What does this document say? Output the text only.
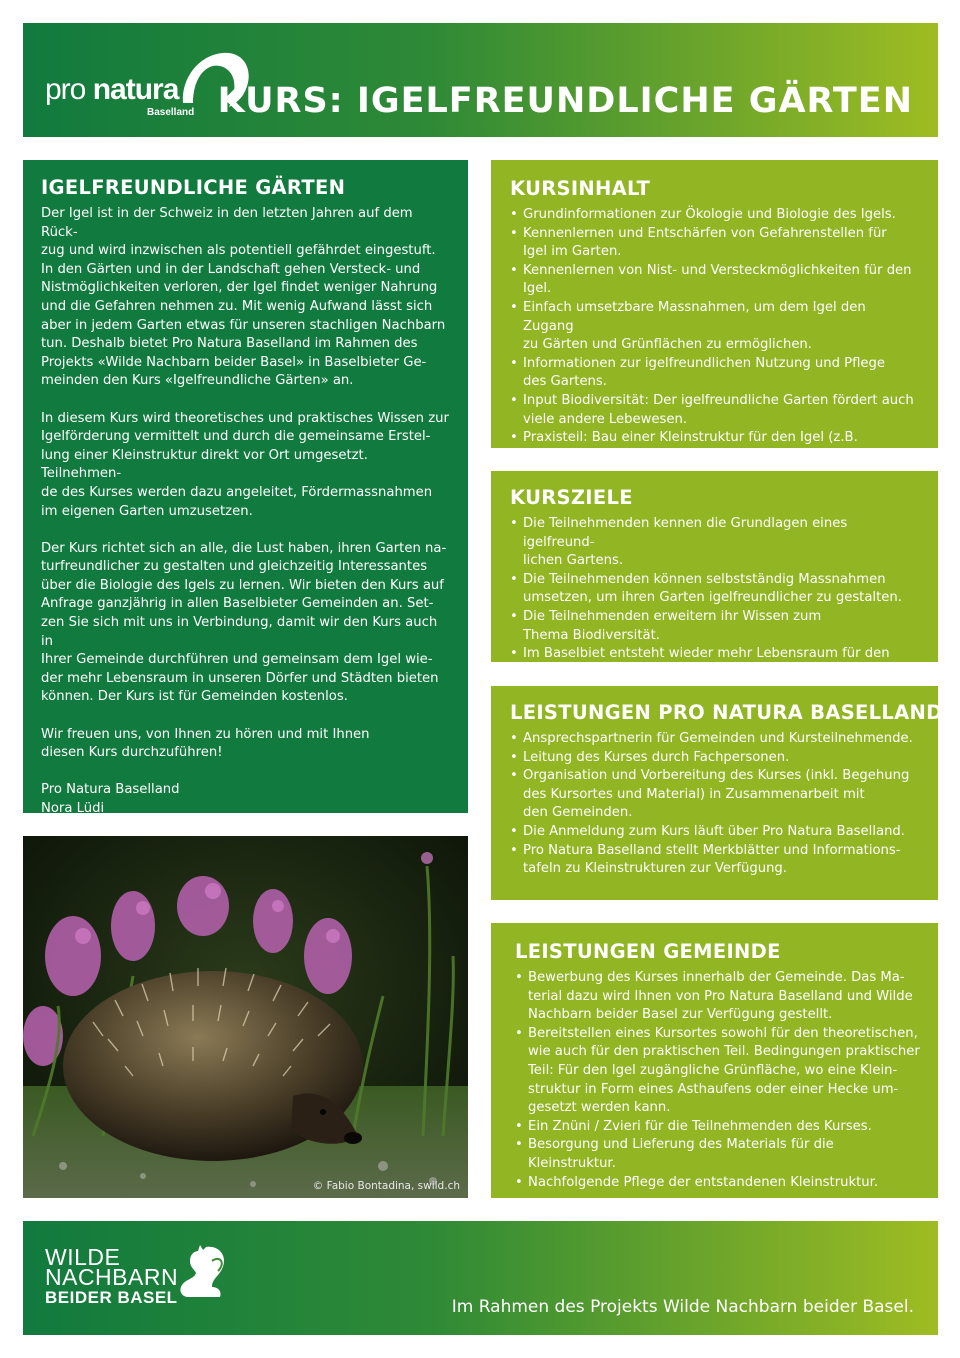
pro natura
Baselland KURS: IGELFREUNDLICHE GÄRTEN
IGELFREUNDLICHE GÄRTEN

Der Igel ist in der Schweiz in den letzten Jahren auf dem Rück-
zug und wird inzwischen als potentiell gefährdet eingestuft.
In den Gärten und in der Landschaft gehen Versteck- und
Nistmöglichkeiten verloren, der Igel findet weniger Nahrung
und die Gefahren nehmen zu. Mit wenig Aufwand lässt sich
aber in jedem Garten etwas für unseren stachligen Nachbarn
tun. Deshalb bietet Pro Natura Baselland im Rahmen des
Projekts «Wilde Nachbarn beider Basel» in Baselbieter Ge-
meinden den Kurs «Igelfreundliche Gärten» an.

In diesem Kurs wird theoretisches und praktisches Wissen zur
Igelförderung vermittelt und durch die gemeinsame Erstel-
lung einer Kleinstruktur direkt vor Ort umgesetzt. Teilnehmen-
de des Kurses werden dazu angeleitet, Fördermassnahmen
im eigenen Garten umzusetzen.

Der Kurs richtet sich an alle, die Lust haben, ihren Garten na-
turfreundlicher zu gestalten und gleichzeitig Interessantes
über die Biologie des Igels zu lernen. Wir bieten den Kurs auf
Anfrage ganzjährig in allen Baselbieter Gemeinden an. Set-
zen Sie sich mit uns in Verbindung, damit wir den Kurs auch in
Ihrer Gemeinde durchführen und gemeinsam dem Igel wie-
der mehr Lebensraum in unseren Dörfer und Städten bieten
können. Der Kurs ist für Gemeinden kostenlos.

Wir freuen uns, von Ihnen zu hören und mit Ihnen
diesen Kurs durchzuführen!

Pro Natura Baselland
Nora Lüdi
igelkurs@pronatura.ch

© Fabio Bontadina, swild.ch
KURSINHALT
• Grundinformationen zur Ökologie und Biologie des Igels.
• Kennenlernen und Entschärfen von Gefahrenstellen für
Igel im Garten.
• Kennenlernen von Nist- und Versteckmöglichkeiten für den Igel.
• Einfach umsetzbare Massnahmen, um dem Igel den Zugang
zu Gärten und Grünflächen zu ermöglichen.
• Informationen zur igelfreundlichen Nutzung und Pflege
des Gartens.
• Input Biodiversität: Der igelfreundliche Garten fördert auch
viele andere Lebewesen.
• Praxisteil: Bau einer Kleinstruktur für den Igel (z.B. Asthaufen

KURSZIELE
• Die Teilnehmenden kennen die Grundlagen eines igelfreund-
lichen Gartens.
• Die Teilnehmenden können selbstständig Massnahmen
umsetzen, um ihren Garten igelfreundlicher zu gestalten.
• Die Teilnehmenden erweitern ihr Wissen zum
Thema Biodiversität.
• Im Baselbiet entsteht wieder mehr Lebensraum für den Igel.
LEISTUNGEN PRO NATURA BASELLAND
• Ansprechspartnerin für Gemeinden und Kursteilnehmende.
• Leitung des Kurses durch Fachpersonen.
• Organisation und Vorbereitung des Kurses (inkl. Begehung
des Kursortes und Material) in Zusammenarbeit mit
den Gemeinden.
• Die Anmeldung zum Kurs läuft über Pro Natura Baselland.
• Pro Natura Baselland stellt Merkblätter und Informations-
tafeln zu Kleinstrukturen zur Verfügung.
LEISTUNGEN GEMEINDE
• Bewerbung des Kurses innerhalb der Gemeinde. Das Ma-
terial dazu wird Ihnen von Pro Natura Baselland und Wilde
Nachbarn beider Basel zur Verfügung gestellt.
• Bereitstellen eines Kursortes sowohl für den theoretischen,
wie auch für den praktischen Teil. Bedingungen praktischer
Teil: Für den Igel zugängliche Grünfläche, wo eine Klein-
struktur in Form eines Asthaufens oder einer Hecke um-
gesetzt werden kann.
• Ein Znüni / Zvieri für die Teilnehmenden des Kurses.
• Besorgung und Lieferung des Materials für die Kleinstruktur.
• Nachfolgende Pflege der entstandenen Kleinstruktur.
WILDE
NACHBARN
BEIDER BASEL	Im Rahmen des Projekts Wilde Nachbarn beider Basel.
